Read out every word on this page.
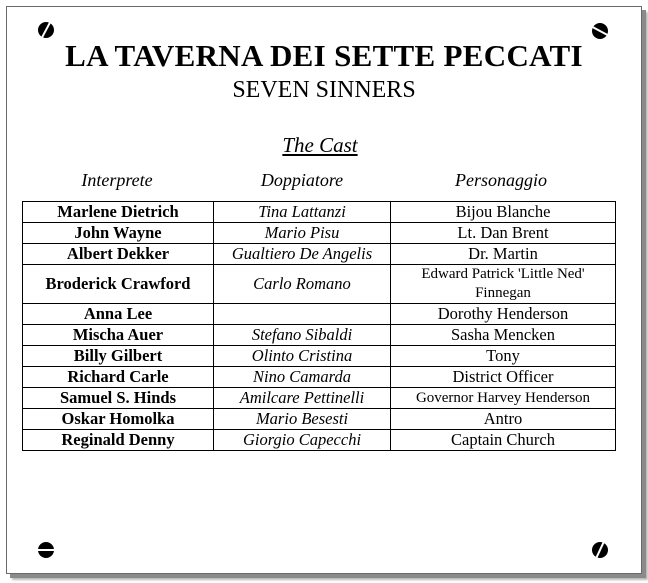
LA TAVERNA DEI SETTE PECCATI
SEVEN SINNERS
The Cast
Interprete	Doppiatore	Personaggio
Marlene Dietrich	Tina Lattanzi	Bijou Blanche
John Wayne	Mario Pisu	Lt. Dan Brent
Albert Dekker	Gualtiero De Angelis	Dr. Martin
Broderick Crawford	Carlo Romano	Edward Patrick 'Little Ned' Finnegan
Anna Lee		Dorothy Henderson
Mischa Auer	Stefano Sibaldi	Sasha Mencken
Billy Gilbert	Olinto Cristina	Tony
Richard Carle	Nino Camarda	District Officer
Samuel S. Hinds	Amilcare Pettinelli	Governor Harvey Henderson
Oskar Homolka	Mario Besesti	Antro
Reginald Denny	Giorgio Capecchi	Captain Church
